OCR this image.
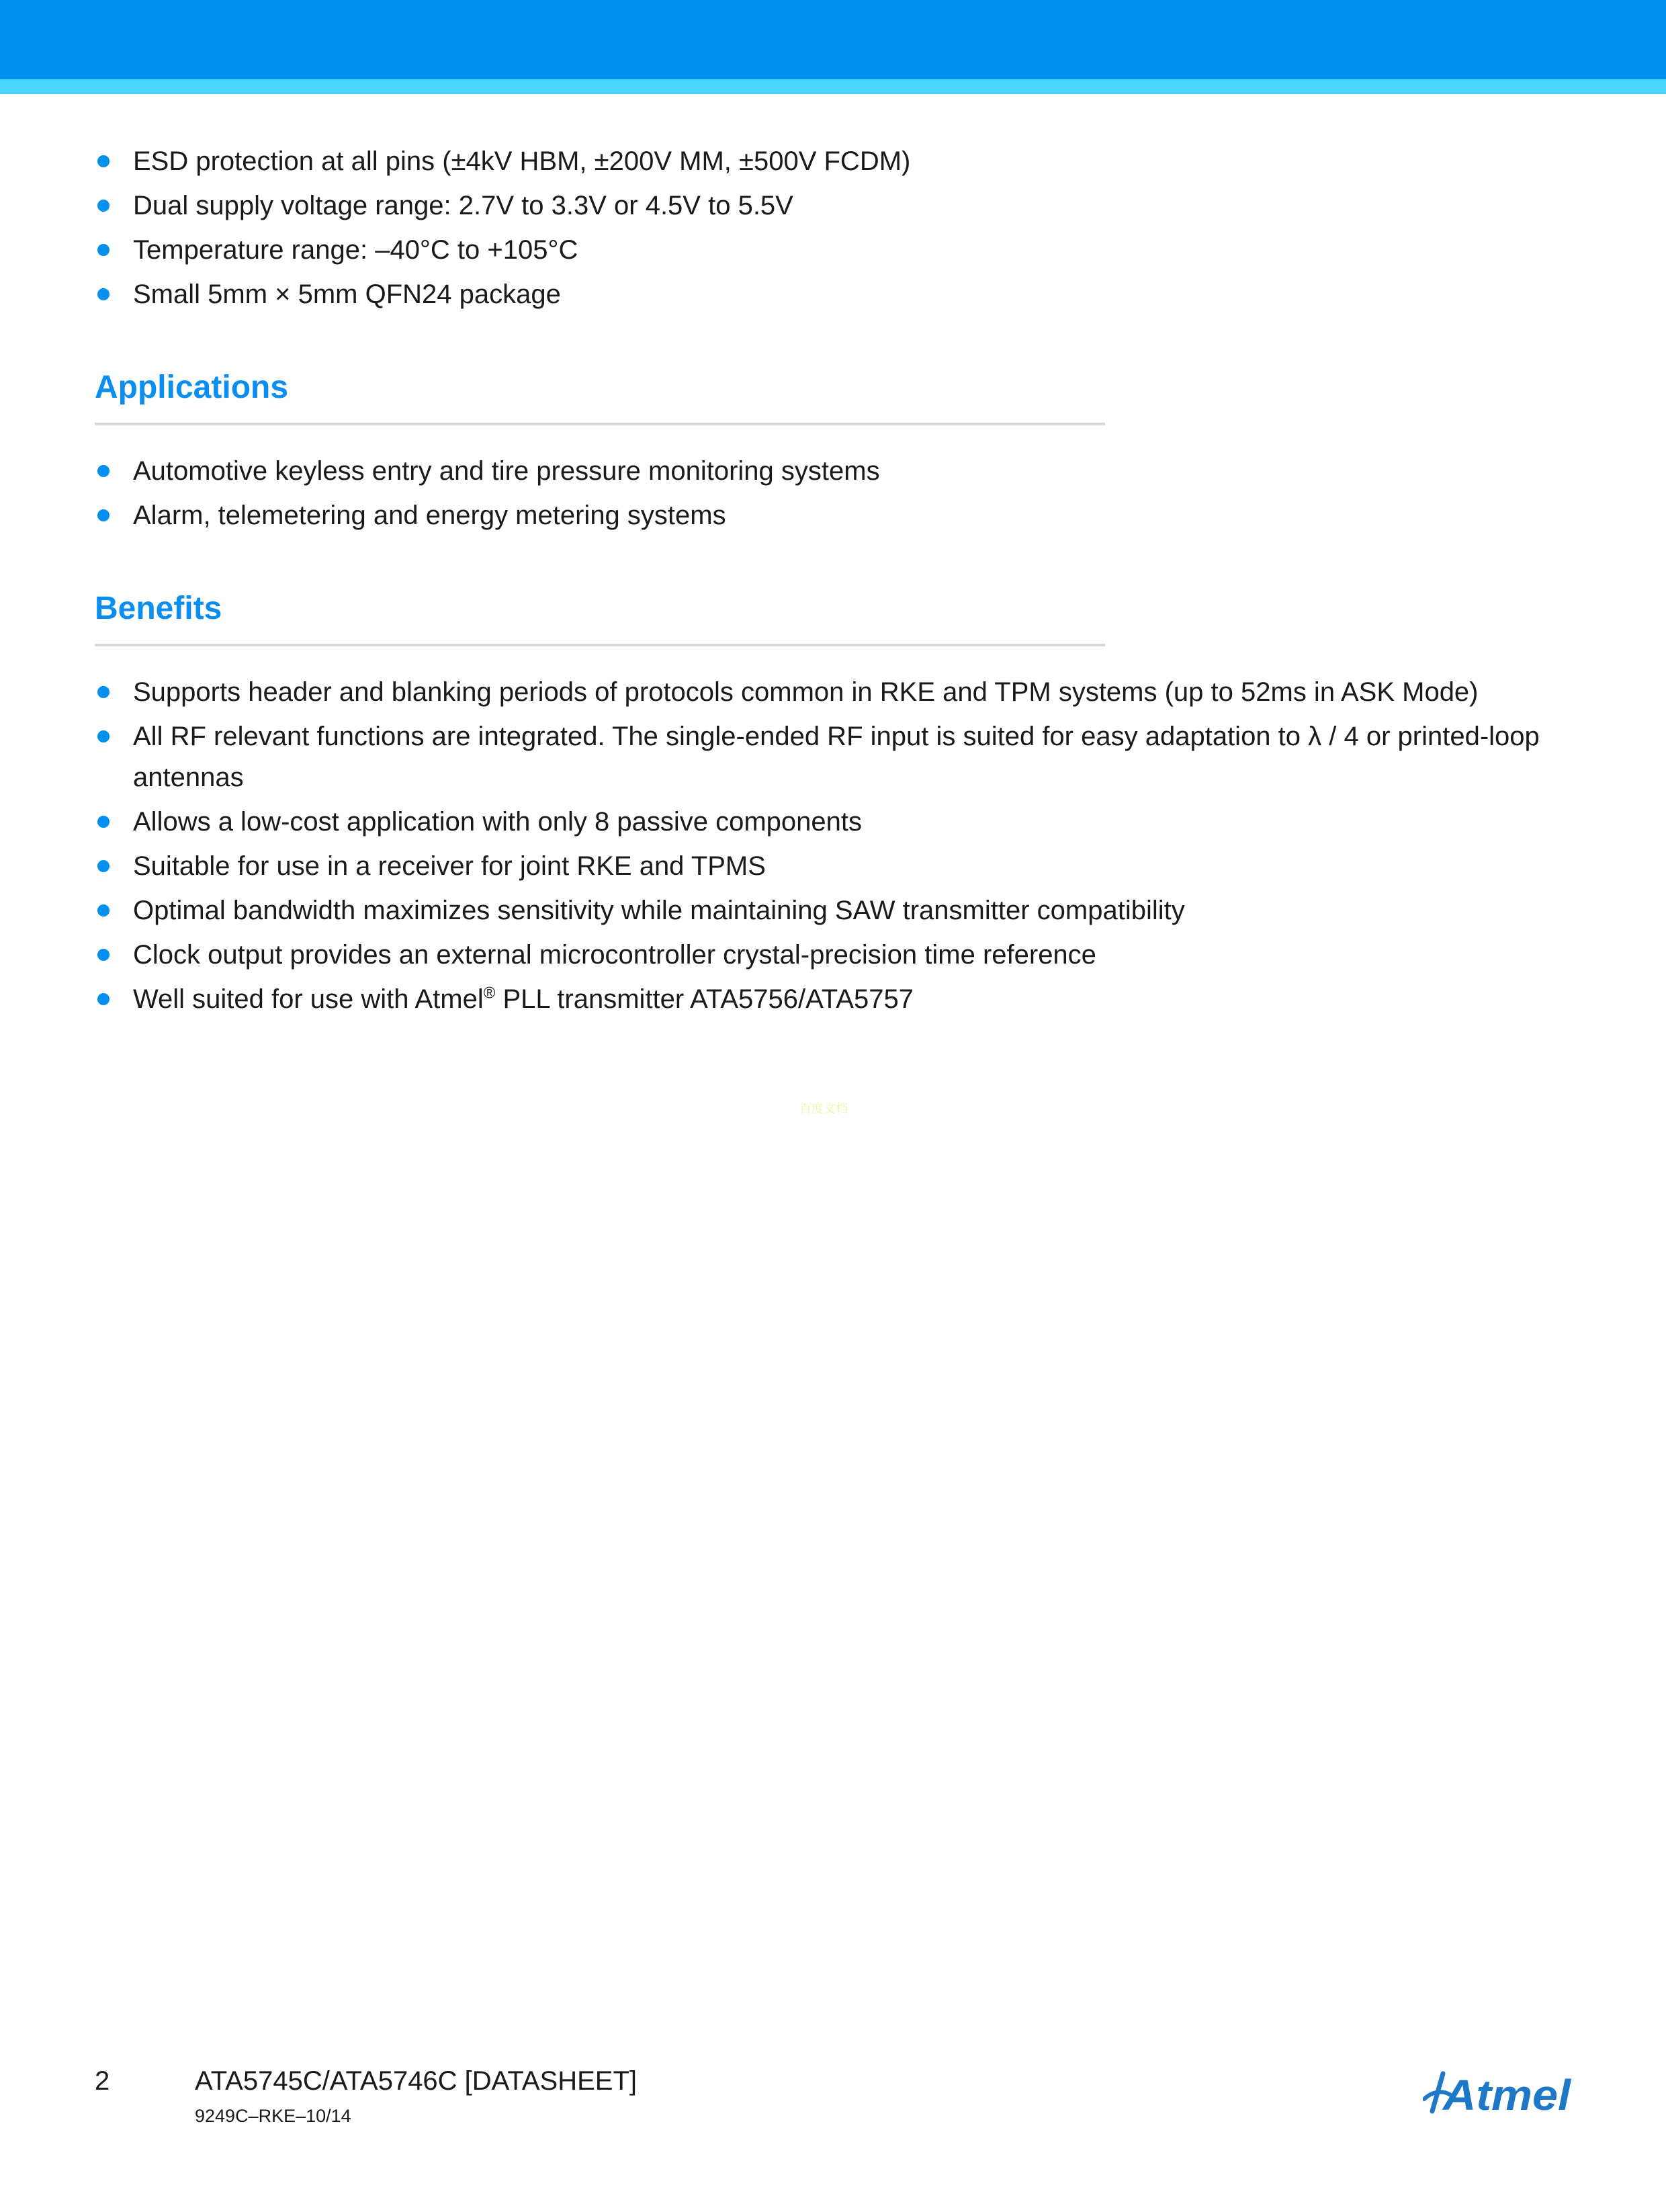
ESD protection at all pins (±4kV HBM, ±200V MM, ±500V FCDM)
Dual supply voltage range: 2.7V to 3.3V or 4.5V to 5.5V
Temperature range: –40°C to +105°C
Small 5mm × 5mm QFN24 package
Applications
Automotive keyless entry and tire pressure monitoring systems
Alarm, telemetering and energy metering systems
Benefits
Supports header and blanking periods of protocols common in RKE and TPM systems (up to 52ms in ASK Mode)
All RF relevant functions are integrated. The single-ended RF input is suited for easy adaptation to λ / 4 or printed-loop antennas
Allows a low-cost application with only 8 passive components
Suitable for use in a receiver for joint RKE and TPMS
Optimal bandwidth maximizes sensitivity while maintaining SAW transmitter compatibility
Clock output provides an external microcontroller crystal-precision time reference
Well suited for use with Atmel® PLL transmitter ATA5756/ATA5757
百度文档
2	ATA5745C/ATA5746C [DATASHEET]
9249C–RKE–10/14	Atmel
